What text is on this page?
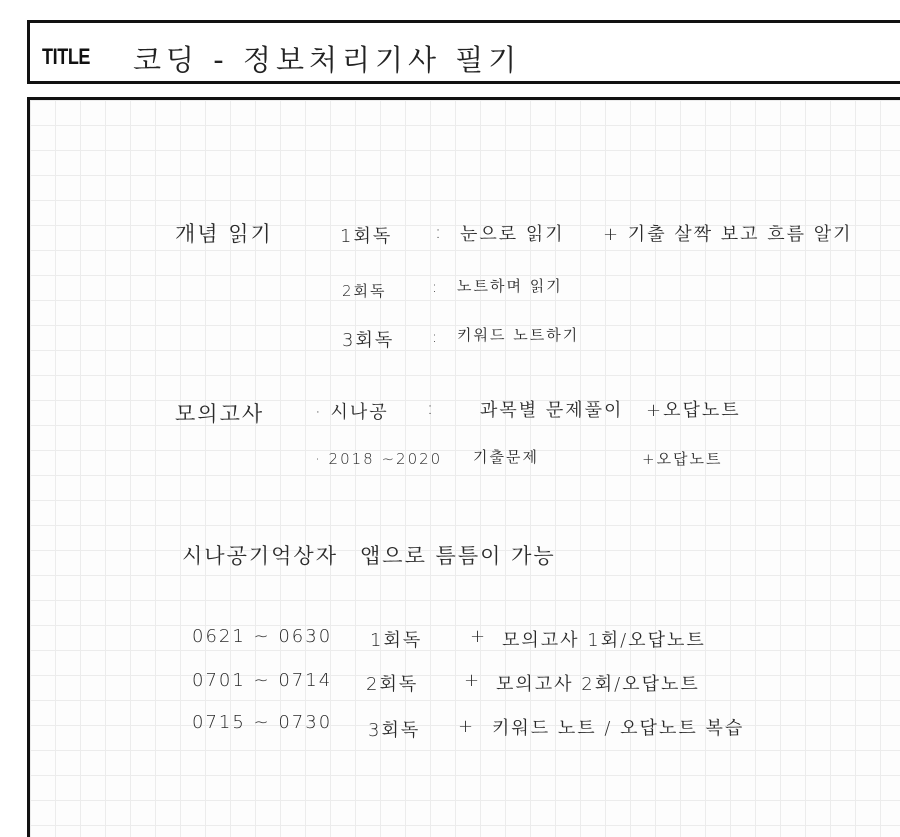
TITLE 코딩 - 정보처리기사 필기
개념 읽기	1회독 : 눈으로 읽기 + 기출 살짝 보고 흐름 알기
2회독	: 노트하며 읽기
3회독	: 키워드 노트하기
모의고사	· 시나공 : 과목별 문제풀이 +오답노트
· 2018 ~2020 기출문제	+오답노트
시나공기억상자 앱으로 틈틈이 가능
0621 ~ 0630 1회독	+ 모의고사 1회/오답노트
0701 ~ 0714 2회독	+ 모의고사 2회/오답노트
0715 ~ 0730 3회독 + 키워드 노트 / 오답노트 복습
